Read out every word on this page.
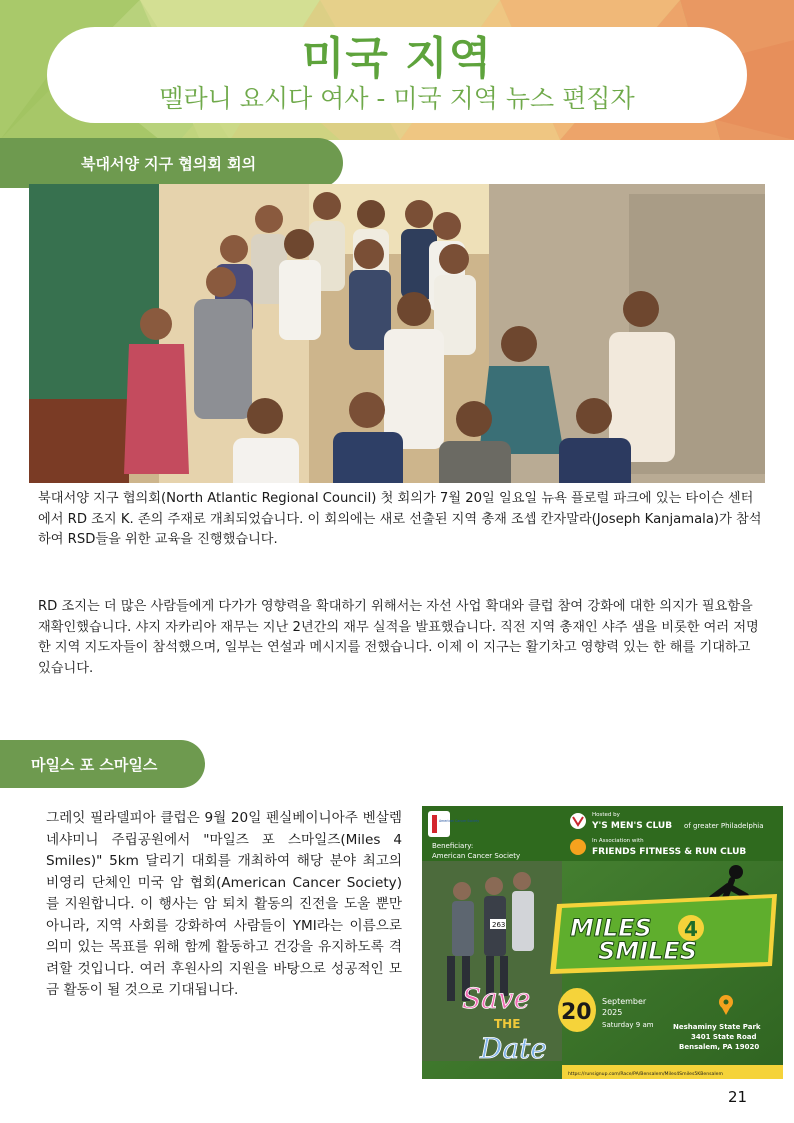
미국 지역
멜라니 요시다 여사 - 미국 지역 뉴스 편집자
북대서양 지구 협의회 회의

북대서양 지구 협의회(North Atlantic Regional Council) 첫 회의가 7월 20일 일요일 뉴욕 플로럴 파크에 있는 타이슨 센터에서 RD 조지 K. 존의 주재로 개최되었습니다. 이 회의에는 새로 선출된 지역 총재 조셉 칸자말라(Joseph Kanjamala)가 참석하여 RSD들을 위한 교육을 진행했습니다.

RD 조지는 더 많은 사람들에게 다가가 영향력을 확대하기 위해서는 자선 사업 확대와 클럽 참여 강화에 대한 의지가 필요함을 재확인했습니다. 샤지 자카리아 재무는 지난 2년간의 재무 실적을 발표했습니다. 직전 지역 총재인 샤주 샘을 비롯한 여러 저명한 지역 지도자들이 참석했으며, 일부는 연설과 메시지를 전했습니다. 이제 이 지구는 활기차고 영향력 있는 한 해를 기대하고 있습니다.

마일스 포 스마일스

그레잇 필라델피아 클럽은 9월 20일 펜실베이니아주 벤살렘 네샤미니 주립공원에서 "마일즈 포 스마일즈(Miles 4 Smiles)" 5km 달리기 대회를 개최하여 해당 분야 최고의 비영리 단체인 미국 암 협회(American Cancer Society)를 지원합니다. 이 행사는 암 퇴치 활동의 진전을 도울 뿐만 아니라, 지역 사회를 강화하여 사람들이 YMI라는 이름으로 의미 있는 목표를 위해 함께 활동하고 건강을 유지하도록 격려할 것입니다. 여러 후원사의 지원을 바탕으로 성공적인 모금 활동이 될 것으로 기대됩니다.

263
American Cancer Society
Beneficiary:
American Cancer Society
Hosted by
Y'S MEN'S CLUB of greater Philadelphia
In Association with
FRIENDS FITNESS & RUN CLUB
MILES 4
SMILES
Save
THE
Date
20 September
2025
Saturday 9 am	Neshaminy State Park
3401 State Road
Bensalem, PA 19020
https://runsignup.com/Race/PA/Bensalem/Miles4Smiles5KBensalem
21
